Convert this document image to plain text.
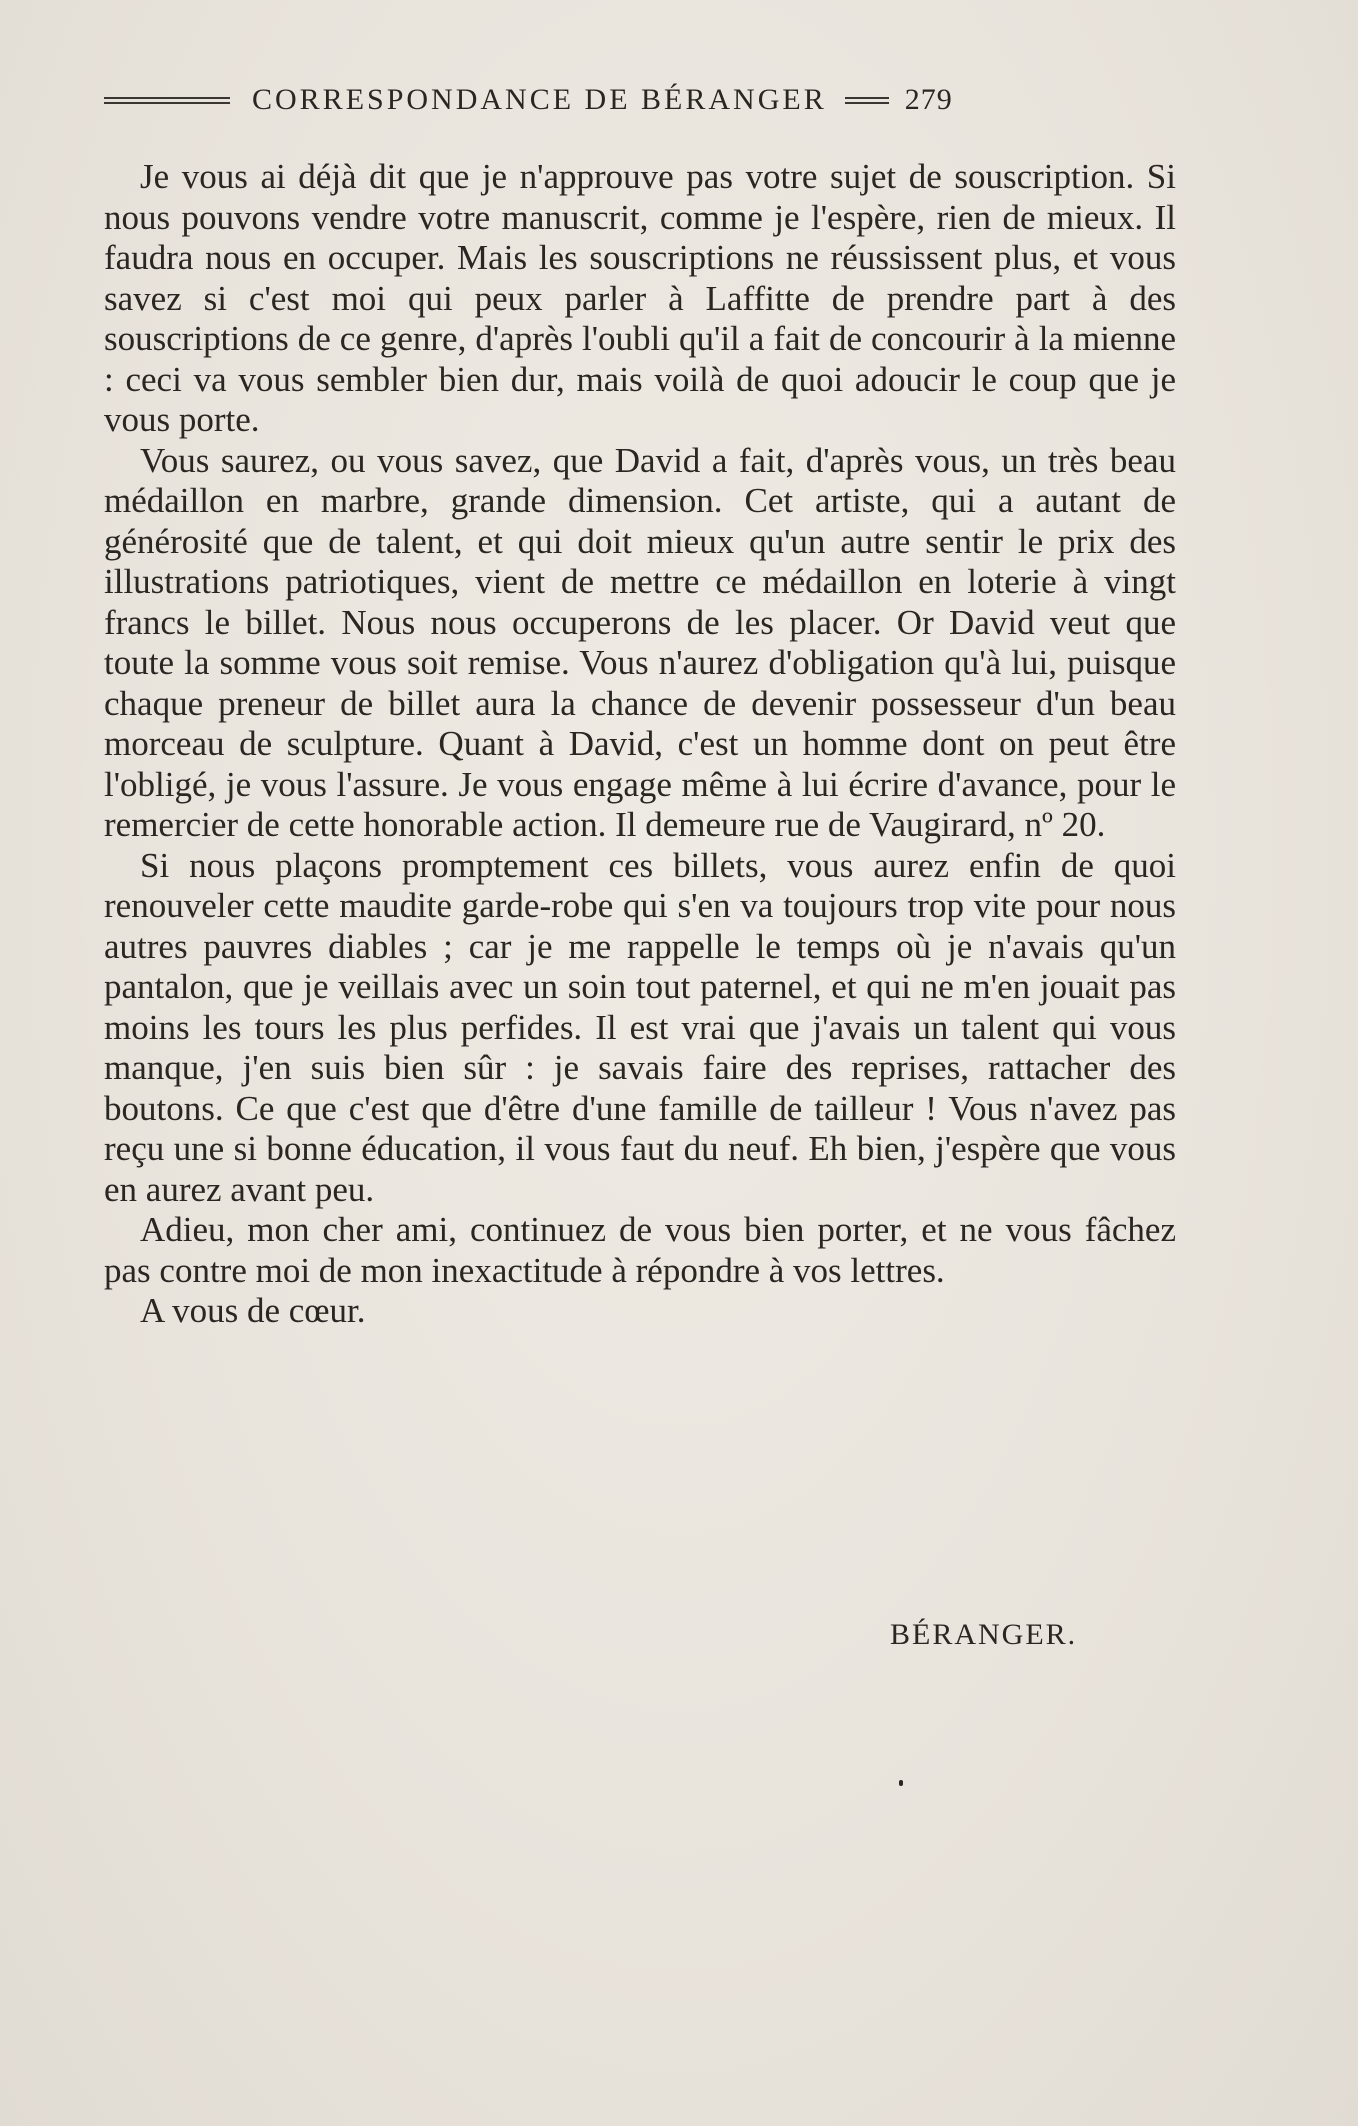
CORRESPONDANCE DE BÉRANGER	279

Je vous ai déjà dit que je n'approuve pas votre sujet de souscription. Si nous pouvons vendre votre manuscrit, comme je l'espère, rien de mieux. Il faudra nous en occuper. Mais les souscriptions ne réussissent plus, et vous savez si c'est moi qui peux parler à Laffitte de prendre part à des souscriptions de ce genre, d'après l'oubli qu'il a fait de concourir à la mienne : ceci va vous sembler bien dur, mais voilà de quoi adoucir le coup que je vous porte.

Vous saurez, ou vous savez, que David a fait, d'après vous, un très beau médaillon en marbre, grande dimension. Cet artiste, qui a autant de générosité que de talent, et qui doit mieux qu'un autre sentir le prix des illustrations patriotiques, vient de mettre ce médaillon en loterie à vingt francs le billet. Nous nous occuperons de les placer. Or David veut que toute la somme vous soit remise. Vous n'aurez d'obligation qu'à lui, puisque chaque preneur de billet aura la chance de devenir possesseur d'un beau morceau de sculpture. Quant à David, c'est un homme dont on peut être l'obligé, je vous l'assure. Je vous engage même à lui écrire d'avance, pour le remercier de cette honorable action. Il demeure rue de Vaugirard, nº 20.

Si nous plaçons promptement ces billets, vous aurez enfin de quoi renouveler cette maudite garde-robe qui s'en va toujours trop vite pour nous autres pauvres diables ; car je me rappelle le temps où je n'avais qu'un pantalon, que je veillais avec un soin tout paternel, et qui ne m'en jouait pas moins les tours les plus perfides. Il est vrai que j'avais un talent qui vous manque, j'en suis bien sûr : je savais faire des reprises, rattacher des boutons. Ce que c'est que d'être d'une famille de tailleur ! Vous n'avez pas reçu une si bonne éducation, il vous faut du neuf. Eh bien, j'espère que vous en aurez avant peu.

Adieu, mon cher ami, continuez de vous bien porter, et ne vous fâchez pas contre moi de mon inexactitude à répondre à vos lettres.

A vous de cœur.

BÉRANGER.
